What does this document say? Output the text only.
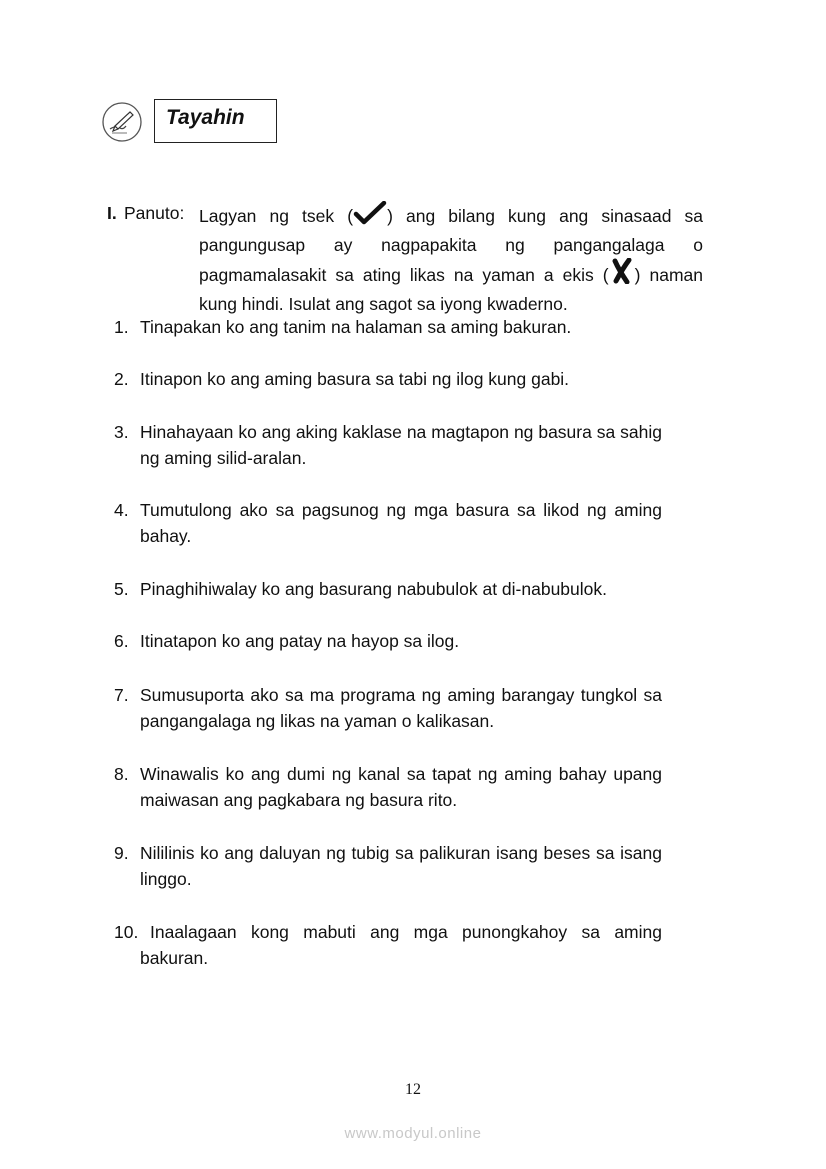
Tayahin
I. Panuto: Lagyan ng tsek ( ) ang bilang kung ang sinasaad sa pangungusap ay nagpapakita ng pangangalaga o pagmamalasakit sa ating likas na yaman a ekis ( ) naman kung hindi. Isulat ang sagot sa iyong kwaderno.
1. Tinapakan ko ang tanim na halaman sa aming bakuran.
2. Itinapon ko ang aming basura sa tabi ng ilog kung gabi.
3. Hinahayaan ko ang aking kaklase na magtapon ng basura sa sahig ng aming silid-aralan.
4. Tumutulong ako sa pagsunog ng mga basura sa likod ng aming bahay.
5. Pinaghihiwalay ko ang basurang nabubulok at di-nabubulok.
6. Itinatapon ko ang patay na hayop sa ilog.
7. Sumusuporta ako sa ma programa ng aming barangay tungkol sa pangangalaga ng likas na yaman o kalikasan.
8. Winawalis ko ang dumi ng kanal sa tapat ng aming bahay upang maiwasan ang pagkabara ng basura rito.
9. Nililinis ko ang daluyan ng tubig sa palikuran isang beses sa isang linggo.
10. Inaalagaan kong mabuti ang mga punongkahoy sa aming bakuran.
12
www.modyul.online
